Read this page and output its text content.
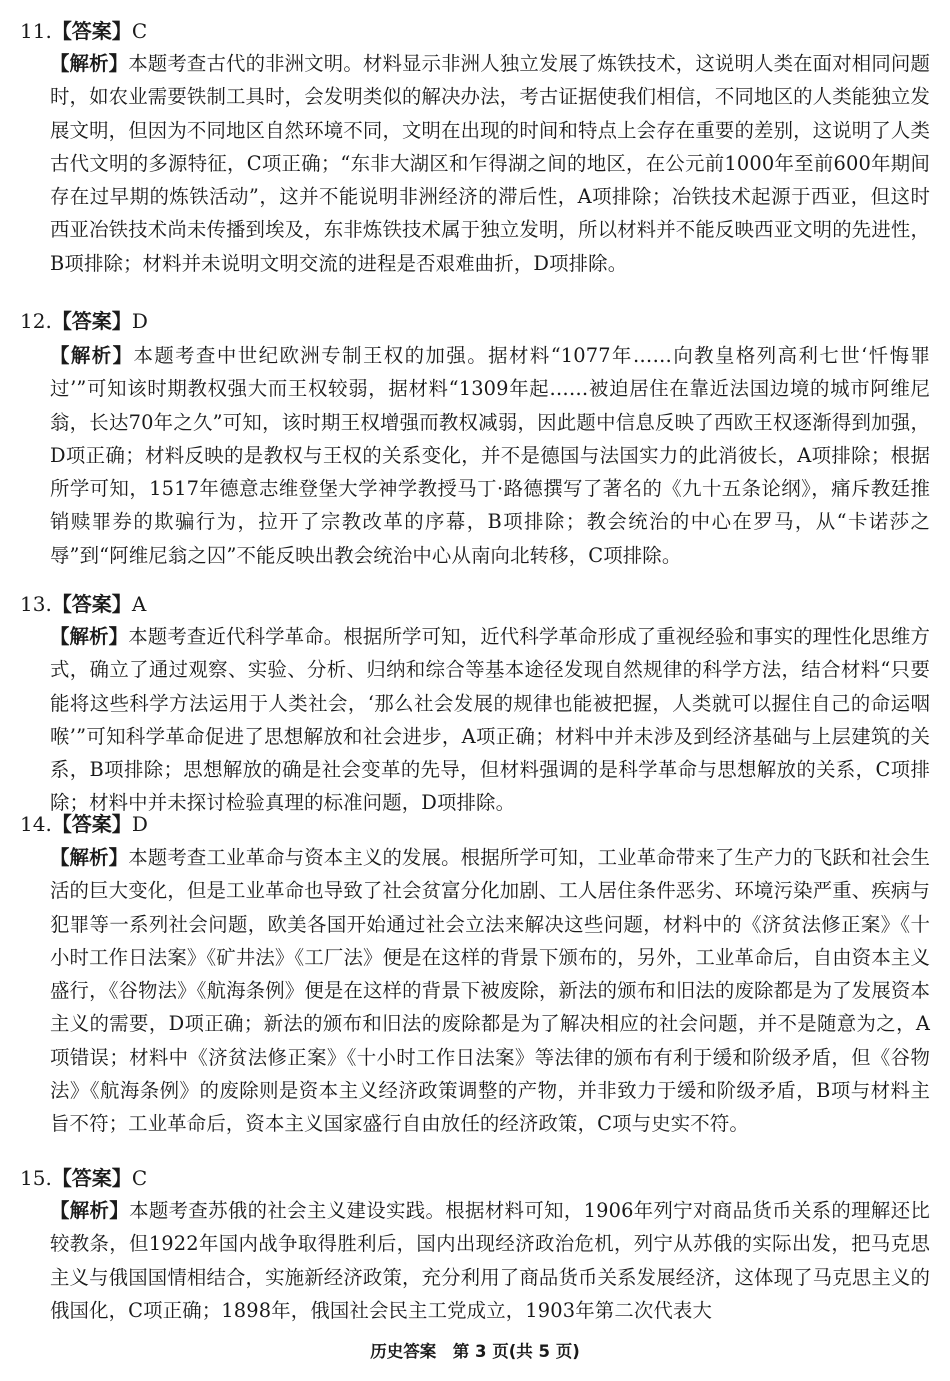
11.【答案】C
【解析】本题考查古代的非洲文明。材料显示非洲人独立发展了炼铁技术，这说明人类在面对相同问题时，如农业需要铁制工具时，会发明类似的解决办法，考古证据使我们相信，不同地区的人类能独立发展文明，但因为不同地区自然环境不同，文明在出现的时间和特点上会存在重要的差别，这说明了人类古代文明的多源特征，C项正确；“东非大湖区和乍得湖之间的地区，在公元前1000年至前600年期间存在过早期的炼铁活动”，这并不能说明非洲经济的滞后性，A项排除；冶铁技术起源于西亚，但这时西亚冶铁技术尚未传播到埃及，东非炼铁技术属于独立发明，所以材料并不能反映西亚文明的先进性，B项排除；材料并未说明文明交流的进程是否艰难曲折，D项排除。
12.【答案】D
【解析】本题考查中世纪欧洲专制王权的加强。据材料“1077年……向教皇格列高利七世‘忏悔罪过’”可知该时期教权强大而王权较弱，据材料“1309年起……被迫居住在靠近法国边境的城市阿维尼翁，长达70年之久”可知，该时期王权增强而教权减弱，因此题中信息反映了西欧王权逐渐得到加强，D项正确；材料反映的是教权与王权的关系变化，并不是德国与法国实力的此消彼长，A项排除；根据所学可知，1517年德意志维登堡大学神学教授马丁·路德撰写了著名的《九十五条论纲》，痛斥教廷推销赎罪券的欺骗行为，拉开了宗教改革的序幕，B项排除；教会统治的中心在罗马，从“卡诺莎之辱”到“阿维尼翁之囚”不能反映出教会统治中心从南向北转移，C项排除。
13.【答案】A
【解析】本题考查近代科学革命。根据所学可知，近代科学革命形成了重视经验和事实的理性化思维方式，确立了通过观察、实验、分析、归纳和综合等基本途径发现自然规律的科学方法，结合材料“只要能将这些科学方法运用于人类社会，‘那么社会发展的规律也能被把握，人类就可以握住自己的命运咽喉’”可知科学革命促进了思想解放和社会进步，A项正确；材料中并未涉及到经济基础与上层建筑的关系，B项排除；思想解放的确是社会变革的先导，但材料强调的是科学革命与思想解放的关系，C项排除；材料中并未探讨检验真理的标准问题，D项排除。
14.【答案】D
【解析】本题考查工业革命与资本主义的发展。根据所学可知，工业革命带来了生产力的飞跃和社会生活的巨大变化，但是工业革命也导致了社会贫富分化加剧、工人居住条件恶劣、环境污染严重、疾病与犯罪等一系列社会问题，欧美各国开始通过社会立法来解决这些问题，材料中的《济贫法修正案》《十小时工作日法案》《矿井法》《工厂法》便是在这样的背景下颁布的，另外，工业革命后，自由资本主义盛行，《谷物法》《航海条例》便是在这样的背景下被废除，新法的颁布和旧法的废除都是为了发展资本主义的需要，D项正确；新法的颁布和旧法的废除都是为了解决相应的社会问题，并不是随意为之，A项错误；材料中《济贫法修正案》《十小时工作日法案》等法律的颁布有利于缓和阶级矛盾，但《谷物法》《航海条例》的废除则是资本主义经济政策调整的产物，并非致力于缓和阶级矛盾，B项与材料主旨不符；工业革命后，资本主义国家盛行自由放任的经济政策，C项与史实不符。
15.【答案】C
【解析】本题考查苏俄的社会主义建设实践。根据材料可知，1906年列宁对商品货币关系的理解还比较教条，但1922年国内战争取得胜利后，国内出现经济政治危机，列宁从苏俄的实际出发，把马克思主义与俄国国情相结合，实施新经济政策，充分利用了商品货币关系发展经济，这体现了马克思主义的俄国化，C项正确；1898年，俄国社会民主工党成立，1903年第二次代表大
历史答案　第 3 页(共 5 页)
